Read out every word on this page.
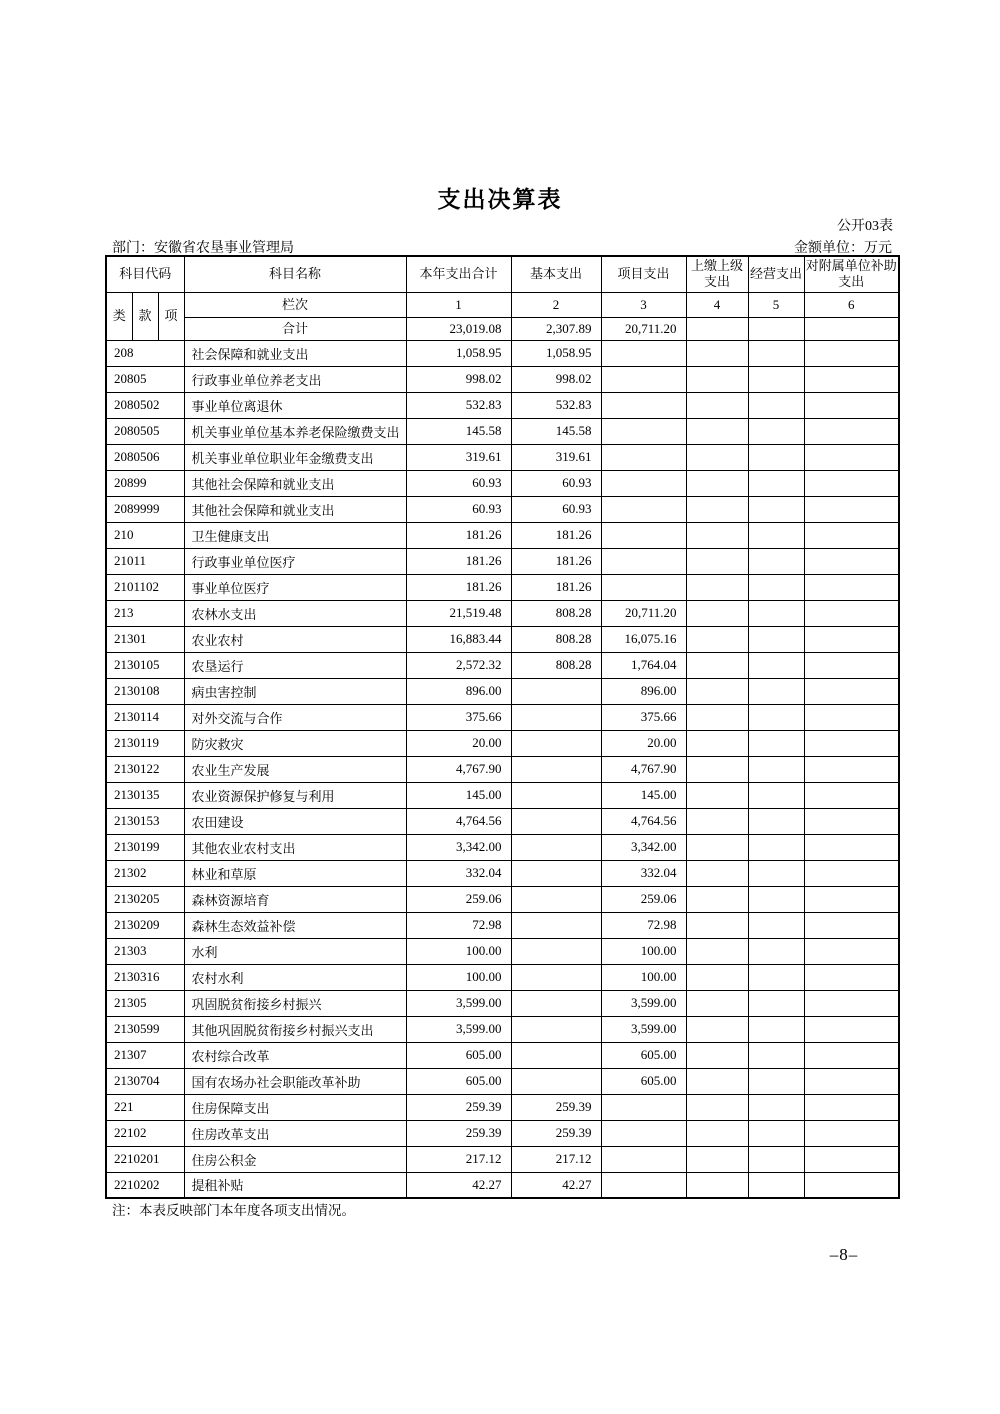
支出决算表
公开03表
部门：安徽省农垦事业管理局	金额单位：万元
科目代码			科目名称	本年支出合计	基本支出	项目支出	上缴上级支出	经营支出	对附属单位补助支出
类	款	项	栏次	1	2	3	4	5	6
			合计	23,019.08	2,307.89	20,711.20			
208			社会保障和就业支出	1,058.95	1,058.95				
20805			行政事业单位养老支出	998.02	998.02				
2080502			事业单位离退休	532.83	532.83				
2080505			机关事业单位基本养老保险缴费支出	145.58	145.58				
2080506			机关事业单位职业年金缴费支出	319.61	319.61				
20899			其他社会保障和就业支出	60.93	60.93				
2089999			其他社会保障和就业支出	60.93	60.93				
210			卫生健康支出	181.26	181.26				
21011			行政事业单位医疗	181.26	181.26				
2101102			事业单位医疗	181.26	181.26				
213			农林水支出	21,519.48	808.28	20,711.20			
21301			农业农村	16,883.44	808.28	16,075.16			
2130105			农垦运行	2,572.32	808.28	1,764.04			
2130108			病虫害控制	896.00		896.00			
2130114			对外交流与合作	375.66		375.66			
2130119			防灾救灾	20.00		20.00			
2130122			农业生产发展	4,767.90		4,767.90			
2130135			农业资源保护修复与利用	145.00		145.00			
2130153			农田建设	4,764.56		4,764.56			
2130199			其他农业农村支出	3,342.00		3,342.00			
21302			林业和草原	332.04		332.04			
2130205			森林资源培育	259.06		259.06			
2130209			森林生态效益补偿	72.98		72.98			
21303			水利	100.00		100.00			
2130316			农村水利	100.00		100.00			
21305			巩固脱贫衔接乡村振兴	3,599.00		3,599.00			
2130599			其他巩固脱贫衔接乡村振兴支出	3,599.00		3,599.00			
21307			农村综合改革	605.00		605.00			
2130704			国有农场办社会职能改革补助	605.00		605.00			
221			住房保障支出	259.39	259.39				
22102			住房改革支出	259.39	259.39				
2210201			住房公积金	217.12	217.12				
2210202			提租补贴	42.27	42.27				
注：本表反映部门本年度各项支出情况。
–8–
